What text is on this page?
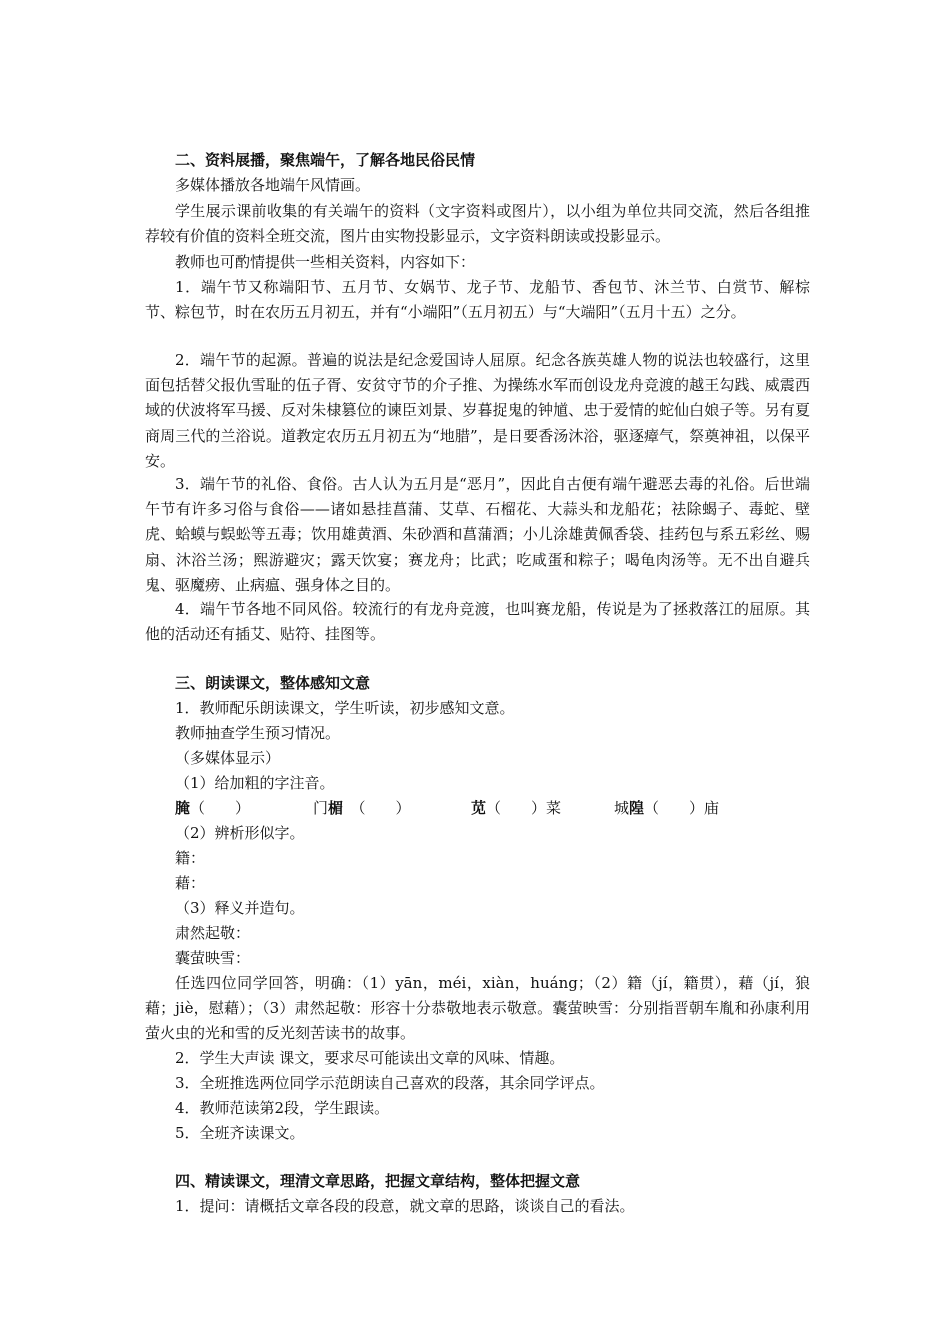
二、资料展播，聚焦端午，了解各地民俗民情
多媒体播放各地端午风情画。

学生展示课前收集的有关端午的资料（文字资料或图片），以小组为单位共同交流，然后各组推荐较有价值的资料全班交流，图片由实物投影显示，文字资料朗读或投影显示。

教师也可酌情提供一些相关资料，内容如下：

1．端午节又称端阳节、五月节、女娲节、龙子节、龙船节、香包节、沐兰节、白赏节、解棕节、粽包节，时在农历五月初五，并有“小端阳”（五月初五）与“大端阳”（五月十五）之分。

2．端午节的起源。普遍的说法是纪念爱国诗人屈原。纪念各族英雄人物的说法也较盛行，这里面包括替父报仇雪耻的伍子胥、安贫守节的介子推、为操练水军而创设龙舟竞渡的越王勾践、威震西域的伏波将军马援、反对朱棣篡位的谏臣刘景、岁暮捉鬼的钟馗、忠于爱情的蛇仙白娘子等。另有夏商周三代的兰浴说。道教定农历五月初五为“地腊”，是日要香汤沐浴，驱逐瘴气，祭奠神祖，以保平安。

3．端午节的礼俗、食俗。古人认为五月是“恶月”，因此自古便有端午避恶去毒的礼俗。后世端午节有许多习俗与食俗——诸如悬挂菖蒲、艾草、石榴花、大蒜头和龙船花；祛除蝎子、毒蛇、壁虎、蛤蟆与蜈蚣等五毒；饮用雄黄酒、朱砂酒和菖蒲酒；小儿涂雄黄佩香袋、挂药包与系五彩丝、赐扇、沐浴兰汤；熙游避灾；露天饮宴；赛龙舟；比武；吃咸蛋和粽子；喝龟肉汤等。无不出自避兵鬼、驱魔痨、止病瘟、强身体之目的。

4．端午节各地不同风俗。较流行的有龙舟竞渡，也叫赛龙船，传说是为了拯救落江的屈原。其他的活动还有插艾、贴符、挂图等。

三、朗读课文，整体感知文意
1．教师配乐朗读课文，学生听读，初步感知文意。
教师抽查学生预习情况。
（多媒体显示）
（1）给加粗的字注音。
腌（　　）	门楣　（　　）	苋（　　）菜	城隍（　　）庙
（2）辨析形似字。
籍：
藉：
（3）释义并造句。
肃然起敬：
囊萤映雪：

任选四位同学回答，明确：（1）yān，méi，xiàn，huáng；（2）籍（jí，籍贯），藉（jí，狼藉；jiè，慰藉）；（3）肃然起敬：形容十分恭敬地表示敬意。囊萤映雪：分别指晋朝车胤和孙康利用萤火虫的光和雪的反光刻苦读书的故事。

2．学生大声读 课文，要求尽可能读出文章的风味、情趣。
3．全班推选两位同学示范朗读自己喜欢的段落，其余同学评点。
4．教师范读第2段，学生跟读。
5．全班齐读课文。
四、精读课文，理清文章思路，把握文章结构，整体把握文意
1．提问：请概括文章各段的段意，就文章的思路，谈谈自己的看法。
